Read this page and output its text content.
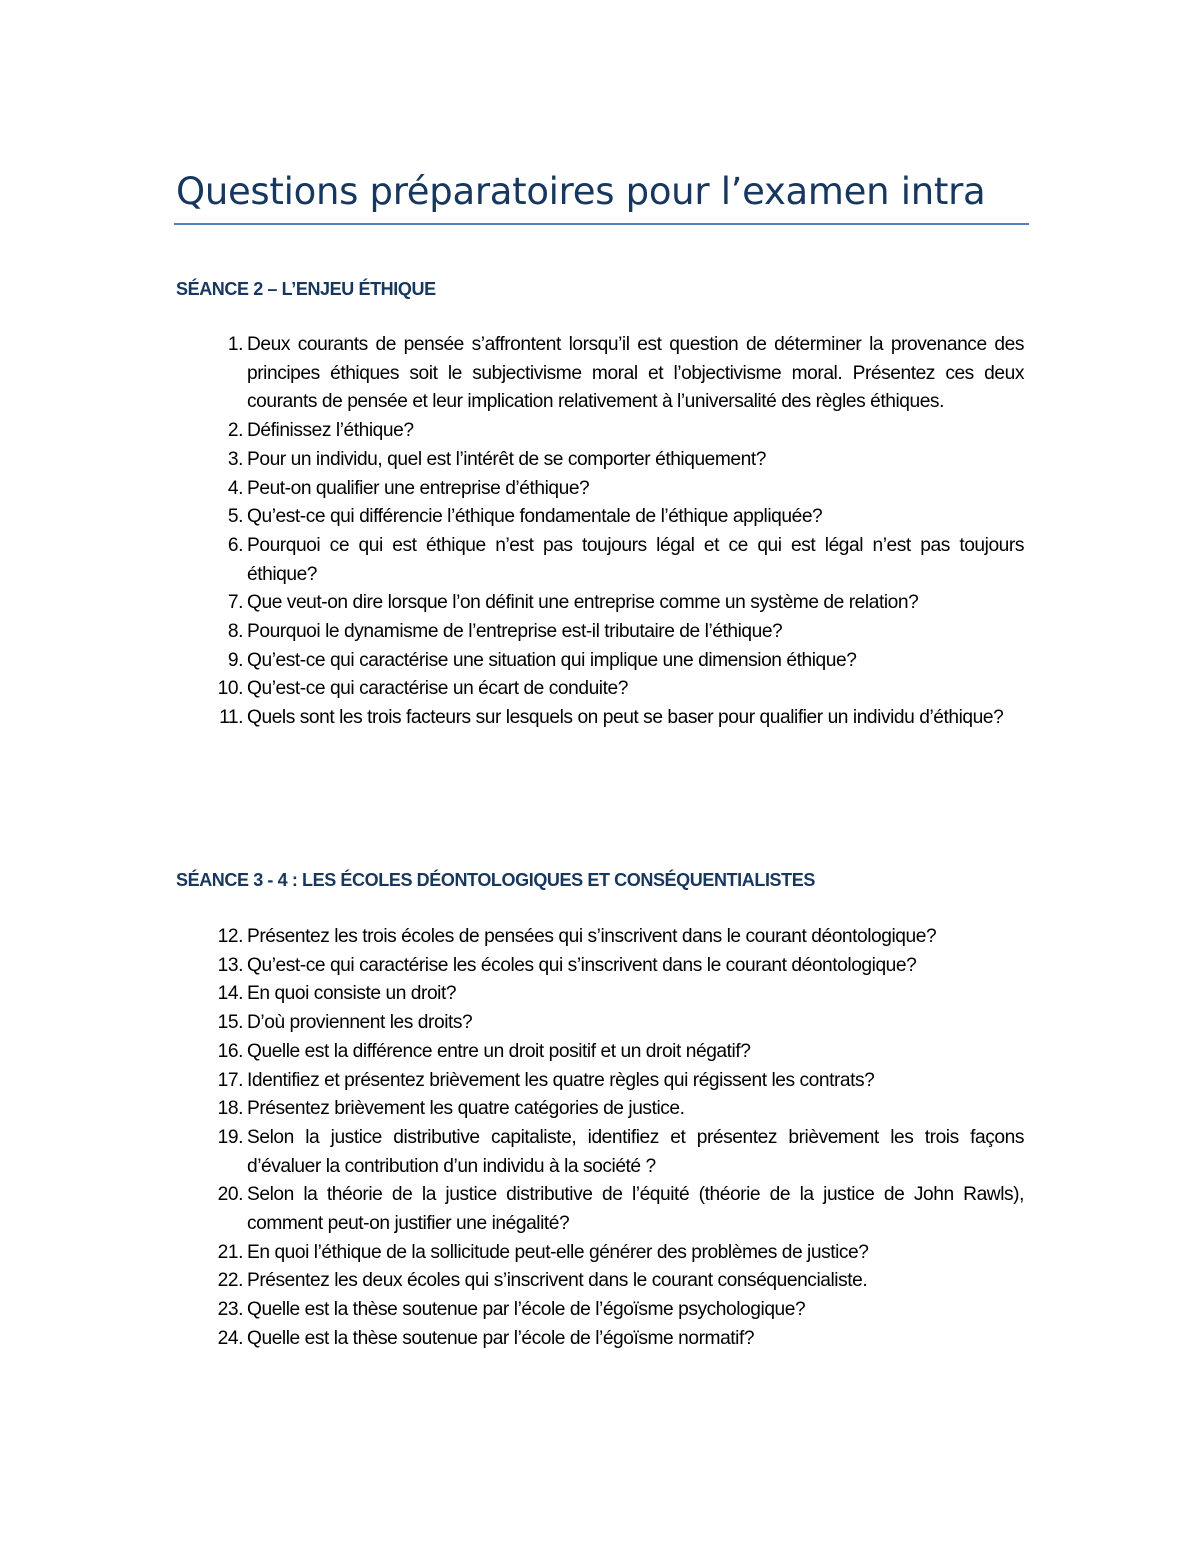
Questions préparatoires pour l’examen intra
SÉANCE 2 – L’ENJEU ÉTHIQUE
1. Deux courants de pensée s’affrontent lorsqu’il est question de déterminer la provenance des principes éthiques soit le subjectivisme moral et l’objectivisme moral. Présentez ces deux courants de pensée et leur implication relativement à l’universalité des règles éthiques.
2. Définissez l’éthique?
3. Pour un individu, quel est l’intérêt de se comporter éthiquement?
4. Peut-on qualifier une entreprise d’éthique?
5. Qu’est-ce qui différencie l’éthique fondamentale de l’éthique appliquée?
6. Pourquoi ce qui est éthique n’est pas toujours légal et ce qui est légal n’est pas toujours éthique?
7. Que veut-on dire lorsque l’on définit une entreprise comme un système de relation?
8. Pourquoi le dynamisme de l’entreprise est-il tributaire de l’éthique?
9. Qu’est-ce qui caractérise une situation qui implique une dimension éthique?
10. Qu’est-ce qui caractérise un écart de conduite?
11. Quels sont les trois facteurs sur lesquels on peut se baser pour qualifier un individu d’éthique?
SÉANCE 3 - 4 : LES ÉCOLES DÉONTOLOGIQUES ET CONSÉQUENTIALISTES
12. Présentez les trois écoles de pensées qui s’inscrivent dans le courant déontologique?
13. Qu’est-ce qui caractérise les écoles qui s’inscrivent dans le courant déontologique?
14. En quoi consiste un droit?
15. D’où proviennent les droits?
16. Quelle est la différence entre un droit positif et un droit négatif?
17. Identifiez et présentez brièvement les quatre règles qui régissent les contrats?
18. Présentez brièvement les quatre catégories de justice.
19. Selon la justice distributive capitaliste, identifiez et présentez brièvement les trois façons d’évaluer la contribution d’un individu à la société ?
20. Selon la théorie de la justice distributive de l’équité (théorie de la justice de John Rawls), comment peut-on justifier une inégalité?
21. En quoi l’éthique de la sollicitude peut-elle générer des problèmes de justice?
22. Présentez les deux écoles qui s’inscrivent dans le courant conséquencialiste.
23. Quelle est la thèse soutenue par l’école de l’égoïsme psychologique?
24. Quelle est la thèse soutenue par l’école de l’égoïsme normatif?
